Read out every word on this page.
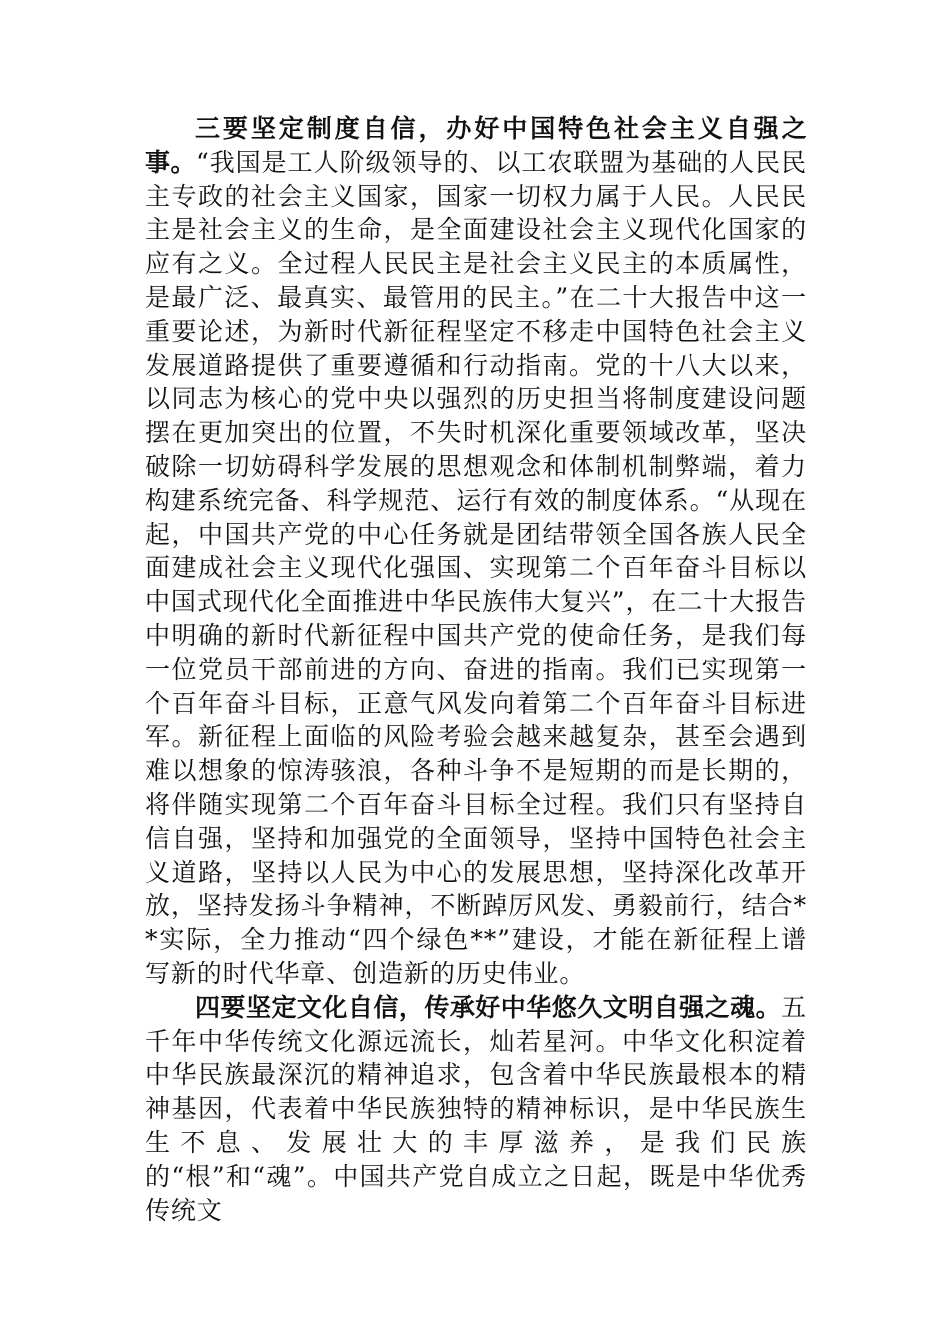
三要坚定制度自信，办好中国特色社会主义自强之事。“我国是工人阶级领导的、以工农联盟为基础的人民民主专政的社会主义国家，国家一切权力属于人民。人民民主是社会主义的生命，是全面建设社会主义现代化国家的应有之义。全过程人民民主是社会主义民主的本质属性，是最广泛、最真实、最管用的民主。”在二十大报告中这一重要论述，为新时代新征程坚定不移走中国特色社会主义发展道路提供了重要遵循和行动指南。党的十八大以来，以同志为核心的党中央以强烈的历史担当将制度建设问题摆在更加突出的位置，不失时机深化重要领域改革，坚决破除一切妨碍科学发展的思想观念和体制机制弊端，着力构建系统完备、科学规范、运行有效的制度体系。“从现在起，中国共产党的中心任务就是团结带领全国各族人民全面建成社会主义现代化强国、实现第二个百年奋斗目标以中国式现代化全面推进中华民族伟大复兴”，在二十大报告中明确的新时代新征程中国共产党的使命任务，是我们每一位党员干部前进的方向、奋进的指南。我们已实现第一个百年奋斗目标，正意气风发向着第二个百年奋斗目标进军。新征程上面临的风险考验会越来越复杂，甚至会遇到难以想象的惊涛骇浪，各种斗争不是短期的而是长期的，将伴随实现第二个百年奋斗目标全过程。我们只有坚持自信自强，坚持和加强党的全面领导，坚持中国特色社会主义道路，坚持以人民为中心的发展思想，坚持深化改革开放，坚持发扬斗争精神，不断踔厉风发、勇毅前行，结合**实际，全力推动“四个绿色**”建设，才能在新征程上谱写新的时代华章、创造新的历史伟业。

四要坚定文化自信，传承好中华悠久文明自强之魂。五千年中华传统文化源远流长，灿若星河。中华文化积淀着中华民族最深沉的精神追求，包含着中华民族最根本的精神基因，代表着中华民族独特的精神标识，是中华民族生生不息、发展壮大的丰厚滋养，是我们民族的“根”和“魂”。中国共产党自成立之日起，既是中华优秀传统文
